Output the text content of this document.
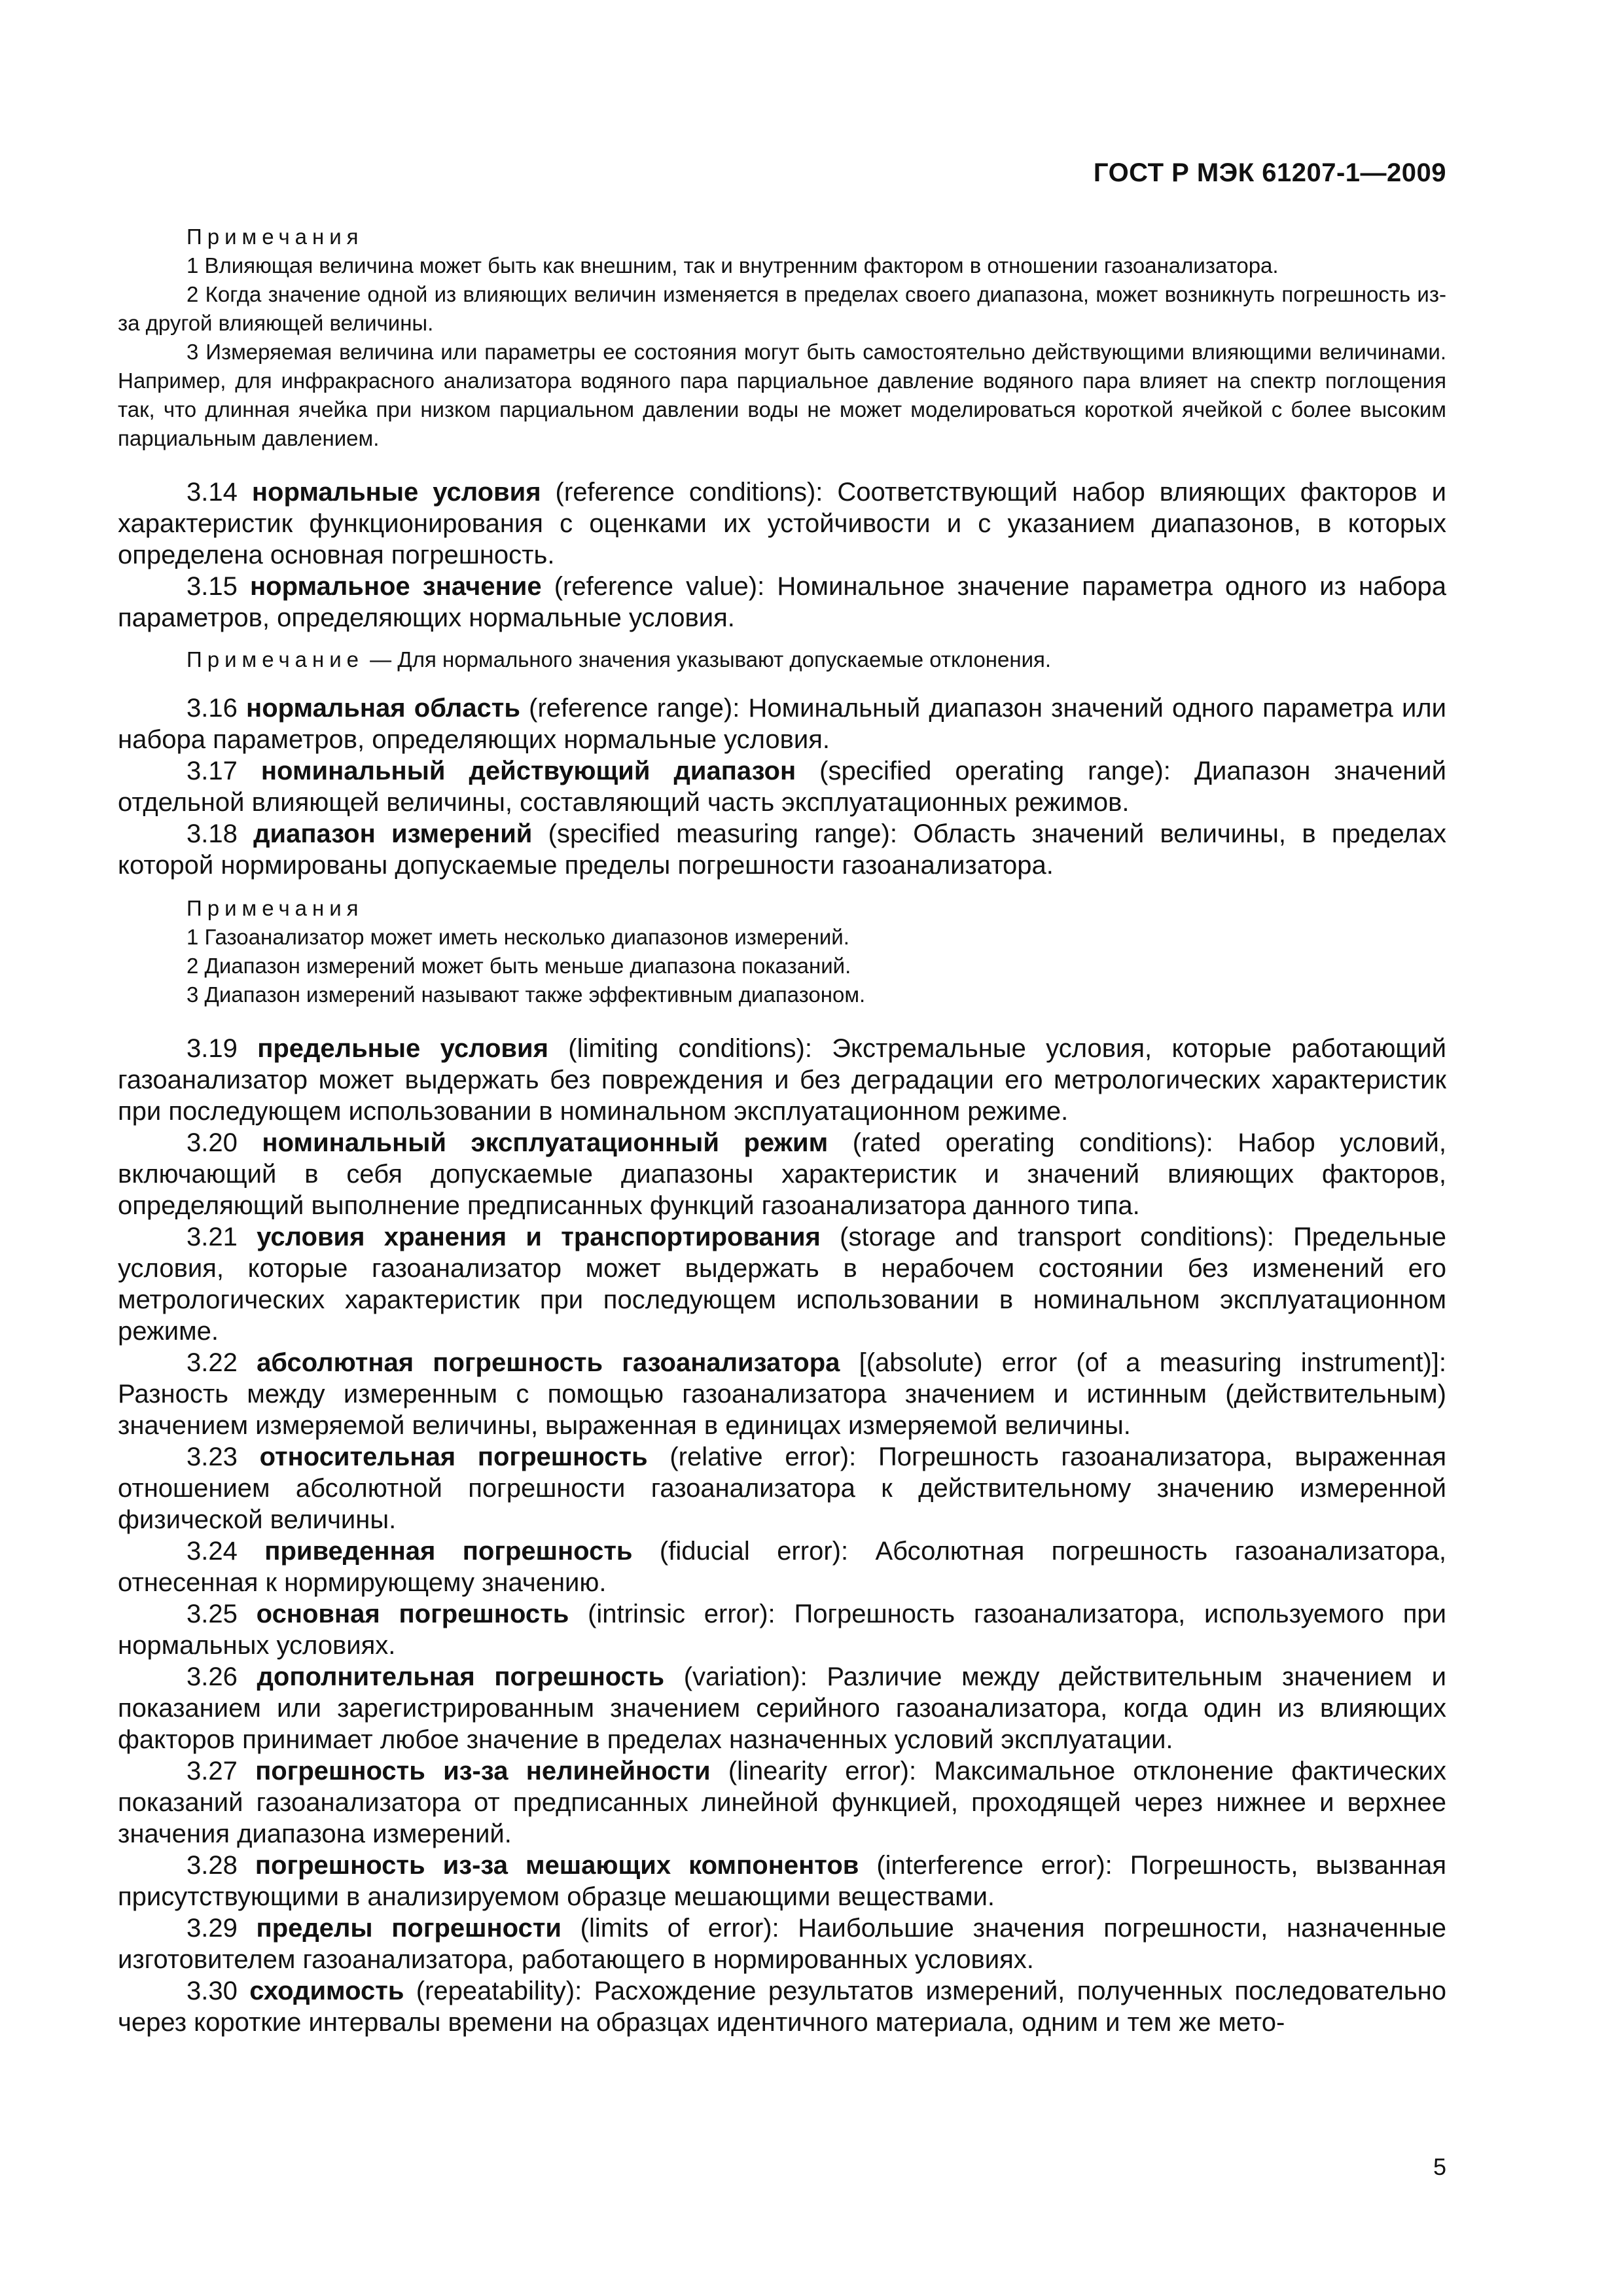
ГОСТ Р МЭК 61207-1—2009
Примечания

1 Влияющая величина может быть как внешним, так и внутренним фактором в отношении газоанализатора.

2 Когда значение одной из влияющих величин изменяется в пределах своего диапазона, может возникнуть погрешность из-за другой влияющей величины.

3 Измеряемая величина или параметры ее состояния могут быть самостоятельно действующими влияющими величинами. Например, для инфракрасного анализатора водяного пара парциальное давление водяного пара влияет на спектр поглощения так, что длинная ячейка при низком парциальном давлении воды не может моделироваться короткой ячейкой с более высоким парциальным давлением.

3.14 нормальные условия (reference conditions): Соответствующий набор влияющих факторов и характеристик функционирования с оценками их устойчивости и с указанием диапазонов, в которых определена основная погрешность.

3.15 нормальное значение (reference value): Номинальное значение параметра одного из набора параметров, определяющих нормальные условия.

Примечание — Для нормального значения указывают допускаемые отклонения.

3.16 нормальная область (reference range): Номинальный диапазон значений одного параметра или набора параметров, определяющих нормальные условия.

3.17 номинальный действующий диапазон (specified operating range): Диапазон значений отдельной влияющей величины, составляющий часть эксплуатационных режимов.

3.18 диапазон измерений (specified measuring range): Область значений величины, в пределах которой нормированы допускаемые пределы погрешности газоанализатора.

Примечания

1 Газоанализатор может иметь несколько диапазонов измерений.

2 Диапазон измерений может быть меньше диапазона показаний.

3 Диапазон измерений называют также эффективным диапазоном.

3.19 предельные условия (limiting conditions): Экстремальные условия, которые работающий газоанализатор может выдержать без повреждения и без деградации его метрологических характеристик при последующем использовании в номинальном эксплуатационном режиме.

3.20 номинальный эксплуатационный режим (rated operating conditions): Набор условий, включающий в себя допускаемые диапазоны характеристик и значений влияющих факторов, определяющий выполнение предписанных функций газоанализатора данного типа.

3.21 условия хранения и транспортирования (storage and transport conditions): Предельные условия, которые газоанализатор может выдержать в нерабочем состоянии без изменений его метрологических характеристик при последующем использовании в номинальном эксплуатационном режиме.

3.22 абсолютная погрешность газоанализатора [(absolute) error (of a measuring instrument)]: Разность между измеренным с помощью газоанализатора значением и истинным (действительным) значением измеряемой величины, выраженная в единицах измеряемой величины.

3.23 относительная погрешность (relative error): Погрешность газоанализатора, выраженная отношением абсолютной погрешности газоанализатора к действительному значению измеренной физической величины.

3.24 приведенная погрешность (fiducial error): Абсолютная погрешность газоанализатора, отнесенная к нормирующему значению.

3.25 основная погрешность (intrinsic error): Погрешность газоанализатора, используемого при нормальных условиях.

3.26 дополнительная погрешность (variation): Различие между действительным значением и показанием или зарегистрированным значением серийного газоанализатора, когда один из влияющих факторов принимает любое значение в пределах назначенных условий эксплуатации.

3.27 погрешность из-за нелинейности (linearity error): Максимальное отклонение фактических показаний газоанализатора от предписанных линейной функцией, проходящей через нижнее и верхнее значения диапазона измерений.

3.28 погрешность из-за мешающих компонентов (interference error): Погрешность, вызванная присутствующими в анализируемом образце мешающими веществами.

3.29 пределы погрешности (limits of error): Наибольшие значения погрешности, назначенные изготовителем газоанализатора, работающего в нормированных условиях.

3.30 сходимость (repeatability): Расхождение результатов измерений, полученных последовательно через короткие интервалы времени на образцах идентичного материала, одним и тем же мето-

5
